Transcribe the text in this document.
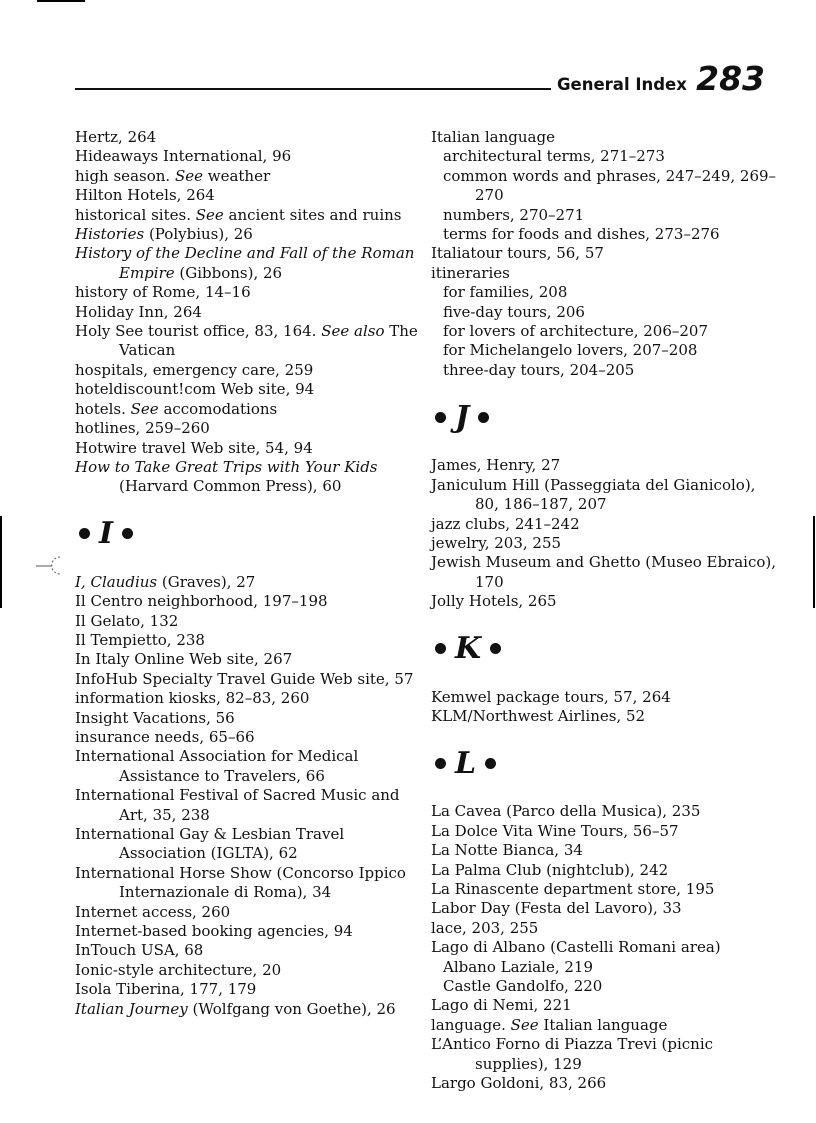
General Index 283
Hertz, 264
Hideaways International, 96
high season. See weather
Hilton Hotels, 264
historical sites. See ancient sites and ruins
Histories (Polybius), 26
History of the Decline and Fall of the Roman Empire (Gibbons), 26
history of Rome, 14–16
Holiday Inn, 264
Holy See tourist office, 83, 164. See also The Vatican
hospitals, emergency care, 259
hoteldiscount!com Web site, 94
hotels. See accomodations
hotlines, 259–260
Hotwire travel Web site, 54, 94
How to Take Great Trips with Your Kids (Harvard Common Press), 60
I
I, Claudius (Graves), 27
Il Centro neighborhood, 197–198
Il Gelato, 132
Il Tempietto, 238
In Italy Online Web site, 267
InfoHub Specialty Travel Guide Web site, 57
information kiosks, 82–83, 260
Insight Vacations, 56
insurance needs, 65–66
International Association for Medical Assistance to Travelers, 66
International Festival of Sacred Music and Art, 35, 238
International Gay & Lesbian Travel Association (IGLTA), 62
International Horse Show (Concorso Ippico Internazionale di Roma), 34
Internet access, 260
Internet-based booking agencies, 94
InTouch USA, 68
Ionic-style architecture, 20
Isola Tiberina, 177, 179
Italian Journey (Wolfgang von Goethe), 26
Italian language
architectural terms, 271–273
common words and phrases, 247–249, 269–270
numbers, 270–271
terms for foods and dishes, 273–276
Italiatour tours, 56, 57
itineraries
for families, 208
five-day tours, 206
for lovers of architecture, 206–207
for Michelangelo lovers, 207–208
three-day tours, 204–205
J
James, Henry, 27
Janiculum Hill (Passeggiata del Gianicolo), 80, 186–187, 207
jazz clubs, 241–242
jewelry, 203, 255
Jewish Museum and Ghetto (Museo Ebraico), 170
Jolly Hotels, 265
K
Kemwel package tours, 57, 264
KLM/Northwest Airlines, 52
L
La Cavea (Parco della Musica), 235
La Dolce Vita Wine Tours, 56–57
La Notte Bianca, 34
La Palma Club (nightclub), 242
La Rinascente department store, 195
Labor Day (Festa del Lavoro), 33
lace, 203, 255
Lago di Albano (Castelli Romani area)
Albano Laziale, 219
Castle Gandolfo, 220
Lago di Nemi, 221
language. See Italian language
L’Antico Forno di Piazza Trevi (picnic supplies), 129
Largo Goldoni, 83, 266
